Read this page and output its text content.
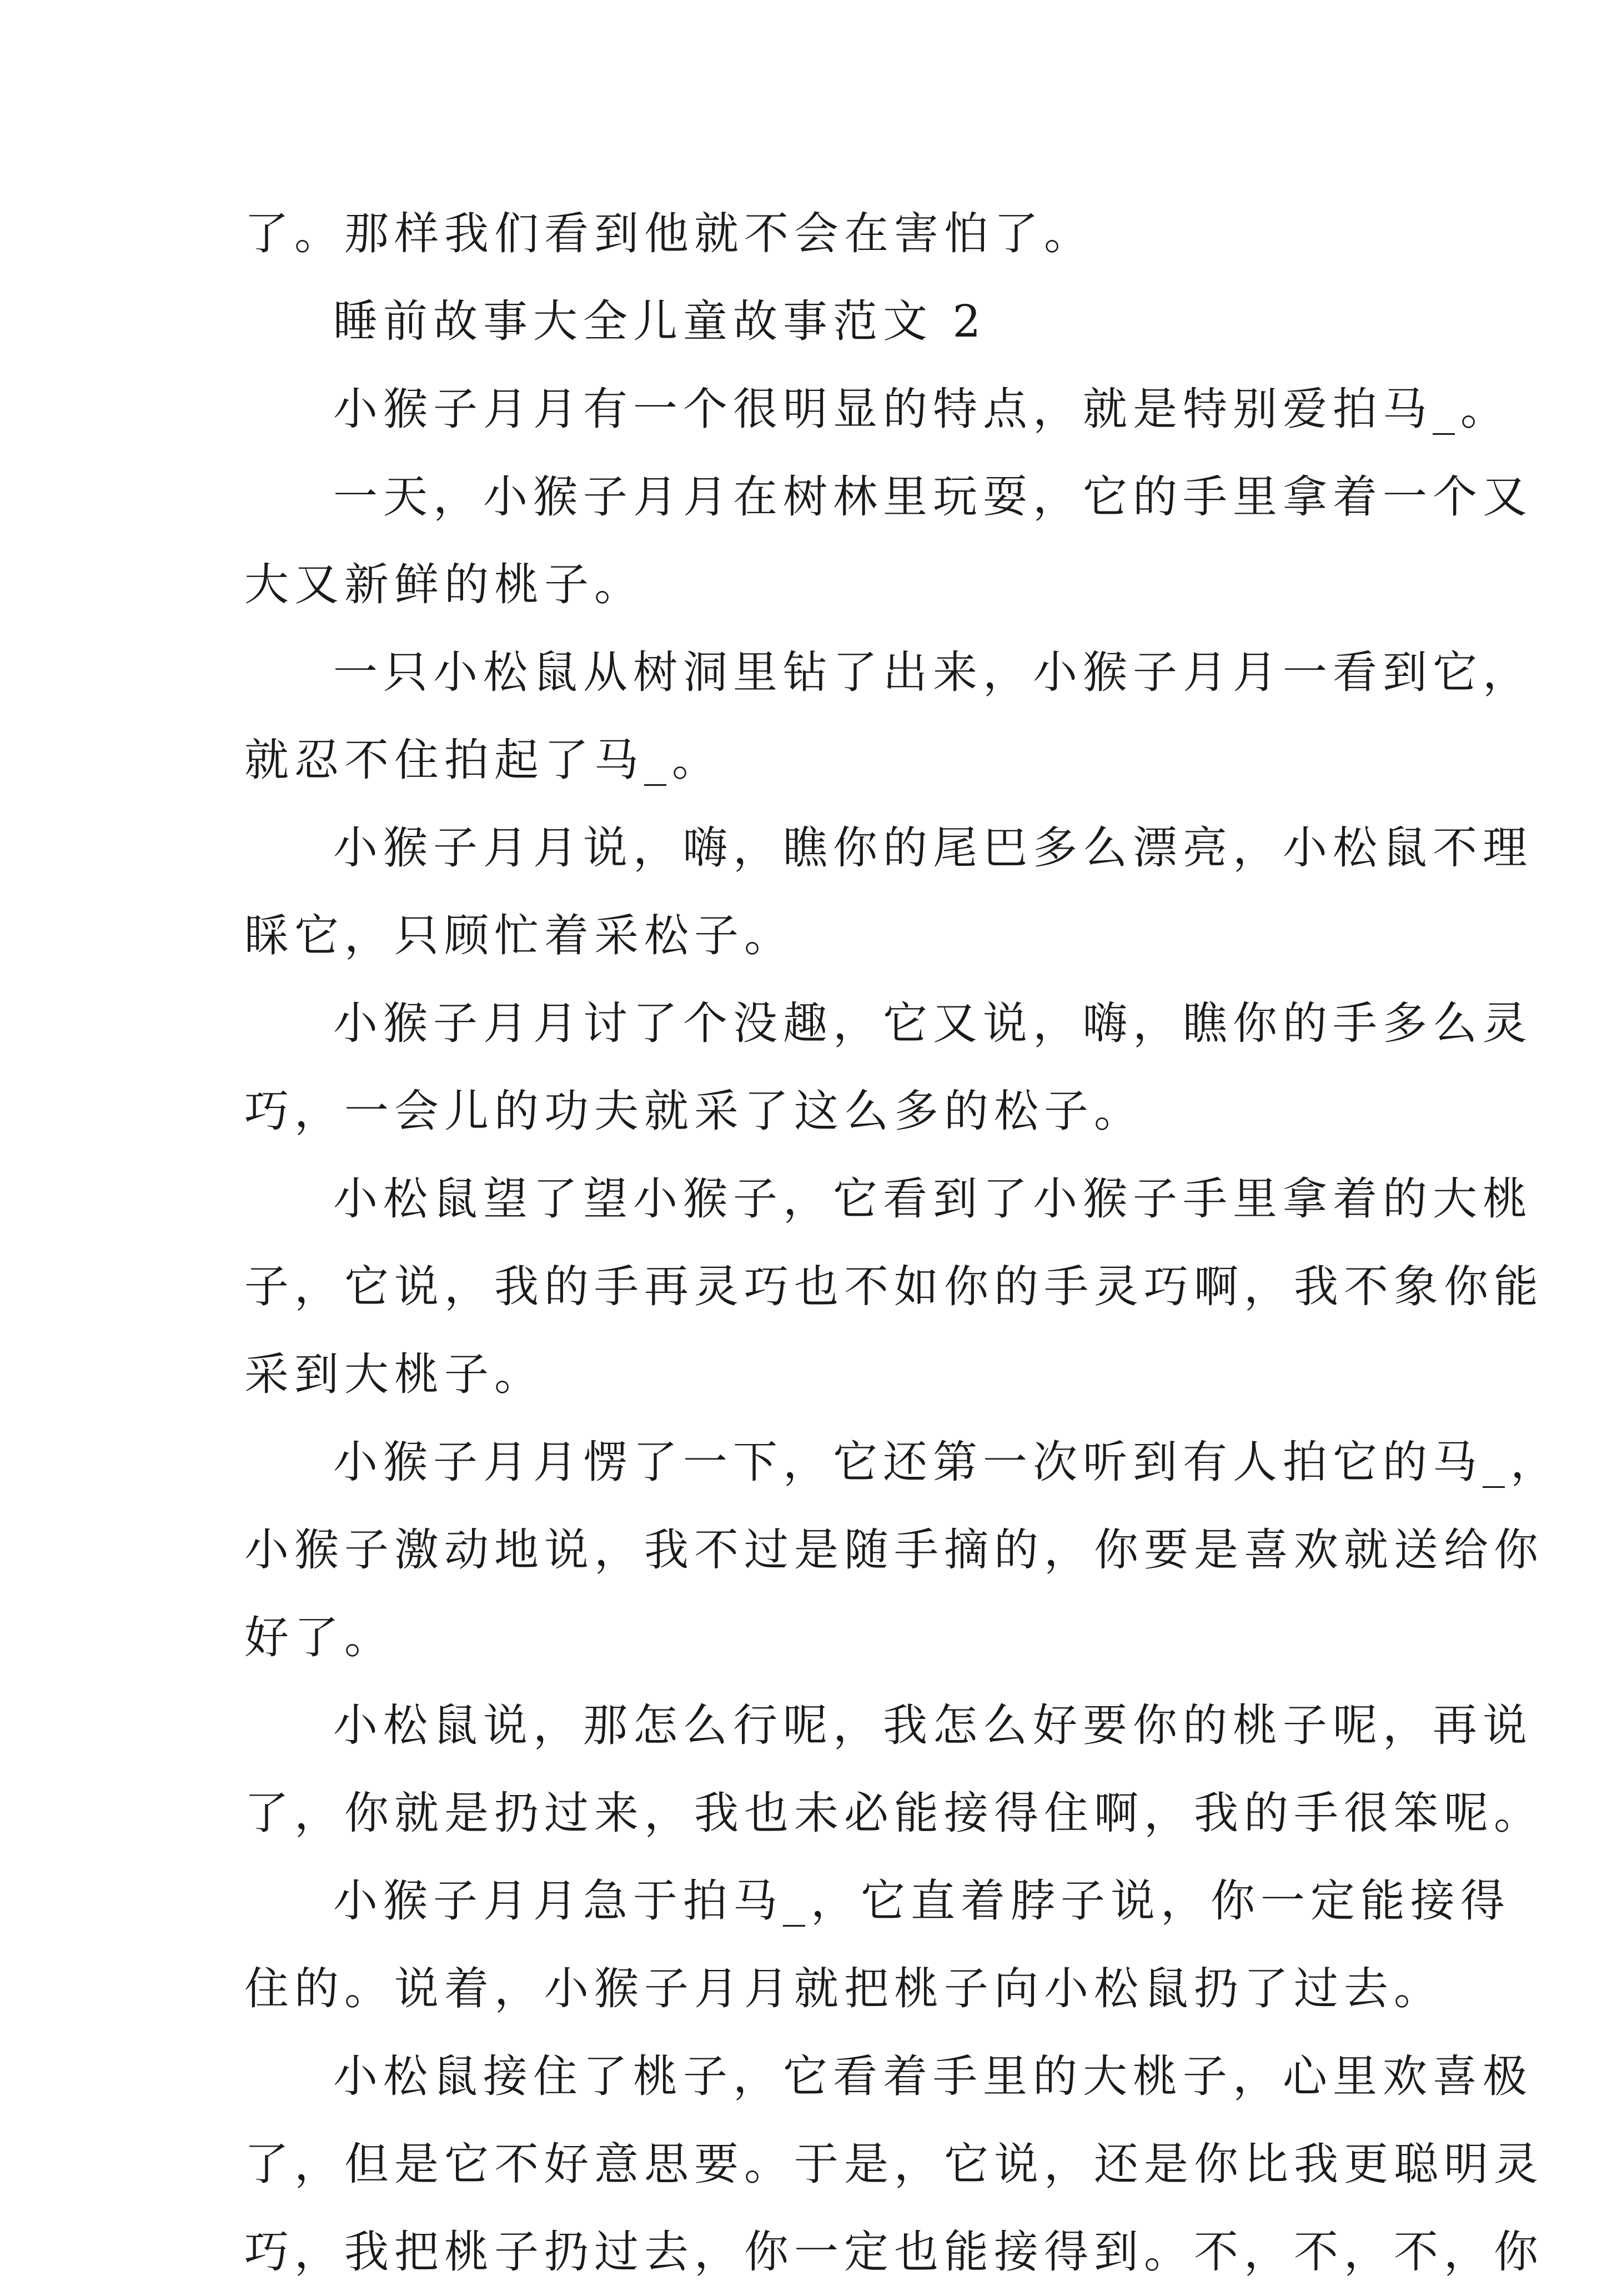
了。那样我们看到他就不会在害怕了。

睡前故事大全儿童故事范文 2

小猴子月月有一个很明显的特点，就是特别爱拍马_。

一天，小猴子月月在树林里玩耍，它的手里拿着一个又
大又新鲜的桃子。

一只小松鼠从树洞里钻了出来，小猴子月月一看到它，
就忍不住拍起了马_。

小猴子月月说，嗨，瞧你的尾巴多么漂亮，小松鼠不理
睬它，只顾忙着采松子。

小猴子月月讨了个没趣，它又说，嗨，瞧你的手多么灵
巧，一会儿的功夫就采了这么多的松子。

小松鼠望了望小猴子，它看到了小猴子手里拿着的大桃
子，它说，我的手再灵巧也不如你的手灵巧啊，我不象你能
采到大桃子。

小猴子月月愣了一下，它还第一次听到有人拍它的马_，
小猴子激动地说，我不过是随手摘的，你要是喜欢就送给你
好了。

小松鼠说，那怎么行呢，我怎么好要你的桃子呢，再说
了，你就是扔过来，我也未必能接得住啊，我的手很笨呢。

小猴子月月急于拍马_，它直着脖子说，你一定能接得
住的。说着，小猴子月月就把桃子向小松鼠扔了过去。

小松鼠接住了桃子，它看着手里的大桃子，心里欢喜极
了，但是它不好意思要。于是，它说，还是你比我更聪明灵
巧，我把桃子扔过去，你一定也能接得到。不，不，不，你
